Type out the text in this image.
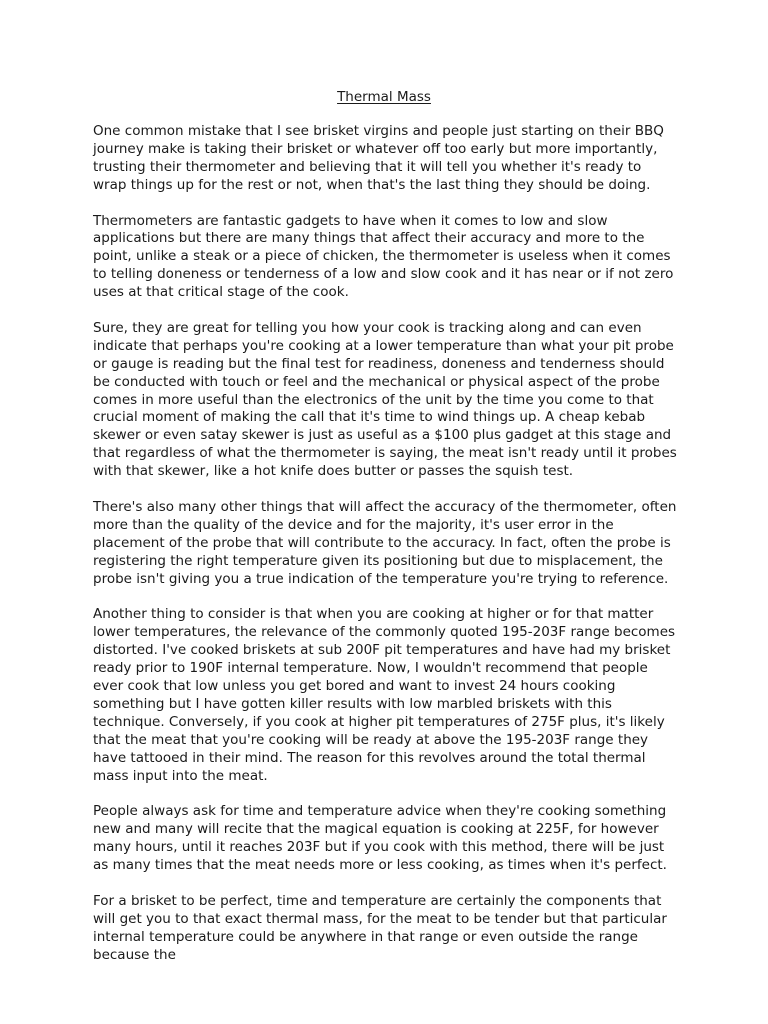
Thermal Mass

One common mistake that I see brisket virgins and people just starting on their BBQ journey make is taking their brisket or whatever off too early but more importantly, trusting their thermometer and believing that it will tell you whether it's ready to wrap things up for the rest or not, when that's the last thing they should be doing.

Thermometers are fantastic gadgets to have when it comes to low and slow applications but there are many things that affect their accuracy and more to the point, unlike a steak or a piece of chicken, the thermometer is useless when it comes to telling doneness or tenderness of a low and slow cook and it has near or if not zero uses at that critical stage of the cook.

Sure, they are great for telling you how your cook is tracking along and can even indicate that perhaps you're cooking at a lower temperature than what your pit probe or gauge is reading but the final test for readiness, doneness and tenderness should be conducted with touch or feel and the mechanical or physical aspect of the probe comes in more useful than the electronics of the unit by the time you come to that crucial moment of making the call that it's time to wind things up. A cheap kebab skewer or even satay skewer is just as useful as a $100 plus gadget at this stage and that regardless of what the thermometer is saying, the meat isn't ready until it probes with that skewer, like a hot knife does butter or passes the squish test.

There's also many other things that will affect the accuracy of the thermometer, often more than the quality of the device and for the majority, it's user error in the placement of the probe that will contribute to the accuracy. In fact, often the probe is registering the right temperature given its positioning but due to misplacement, the probe isn't giving you a true indication of the temperature you're trying to reference.

Another thing to consider is that when you are cooking at higher or for that matter lower temperatures, the relevance of the commonly quoted 195-203F range becomes distorted. I've cooked briskets at sub 200F pit temperatures and have had my brisket ready prior to 190F internal temperature. Now, I wouldn't recommend that people ever cook that low unless you get bored and want to invest 24 hours cooking something but I have gotten killer results with low marbled briskets with this technique. Conversely, if you cook at higher pit temperatures of 275F plus, it's likely that the meat that you're cooking will be ready at above the 195-203F range they have tattooed in their mind. The reason for this revolves around the total thermal mass input into the meat.

People always ask for time and temperature advice when they're cooking something new and many will recite that the magical equation is cooking at 225F, for however many hours, until it reaches 203F but if you cook with this method, there will be just as many times that the meat needs more or less cooking, as times when it's perfect.

For a brisket to be perfect, time and temperature are certainly the components that will get you to that exact thermal mass, for the meat to be tender but that particular internal temperature could be anywhere in that range or even outside the range because the
